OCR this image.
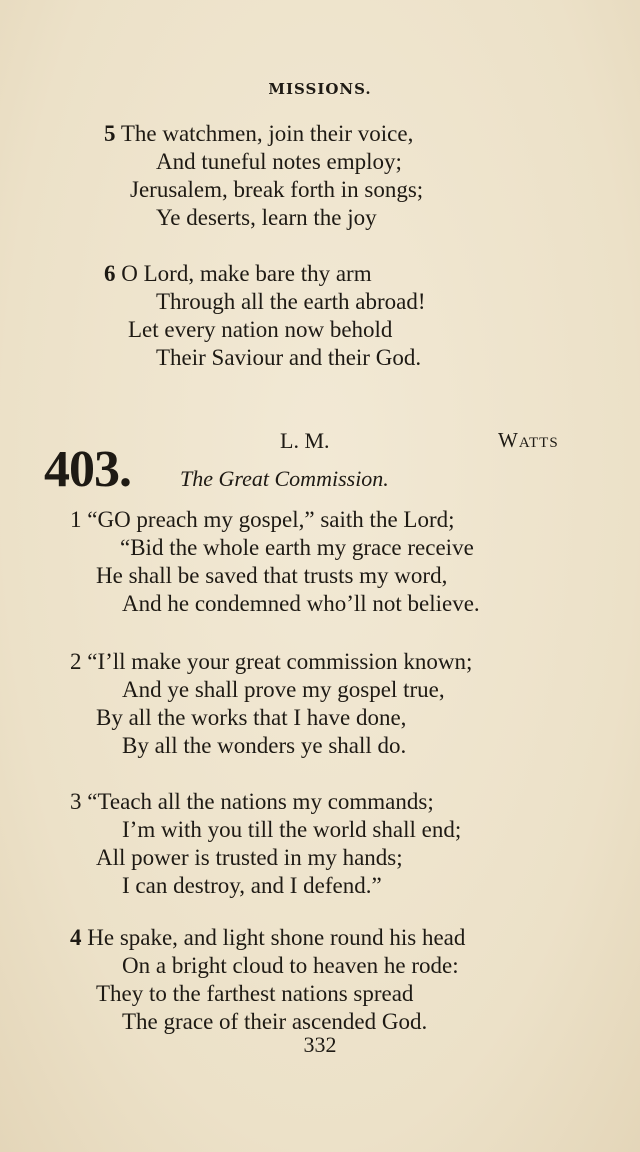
MISSIONS.
5 The watchmen, join their voice,
And tuneful notes employ;
Jerusalem, break forth in songs;
Ye deserts, learn the joy
6 O Lord, make bare thy arm
Through all the earth abroad!
Let every nation now behold
Their Saviour and their God.
403.
L. M.	Watts
The Great Commission.
1 “GO preach my gospel,” saith the Lord;
“Bid the whole earth my grace receive
He shall be saved that trusts my word,
And he condemned who’ll not believe.
2 “I’ll make your great commission known;
And ye shall prove my gospel true,
By all the works that I have done,
By all the wonders ye shall do.
3 “Teach all the nations my commands;
I’m with you till the world shall end;
All power is trusted in my hands;
I can destroy, and I defend.”
4 He spake, and light shone round his head
On a bright cloud to heaven he rode:
They to the farthest nations spread
The grace of their ascended God.
332
